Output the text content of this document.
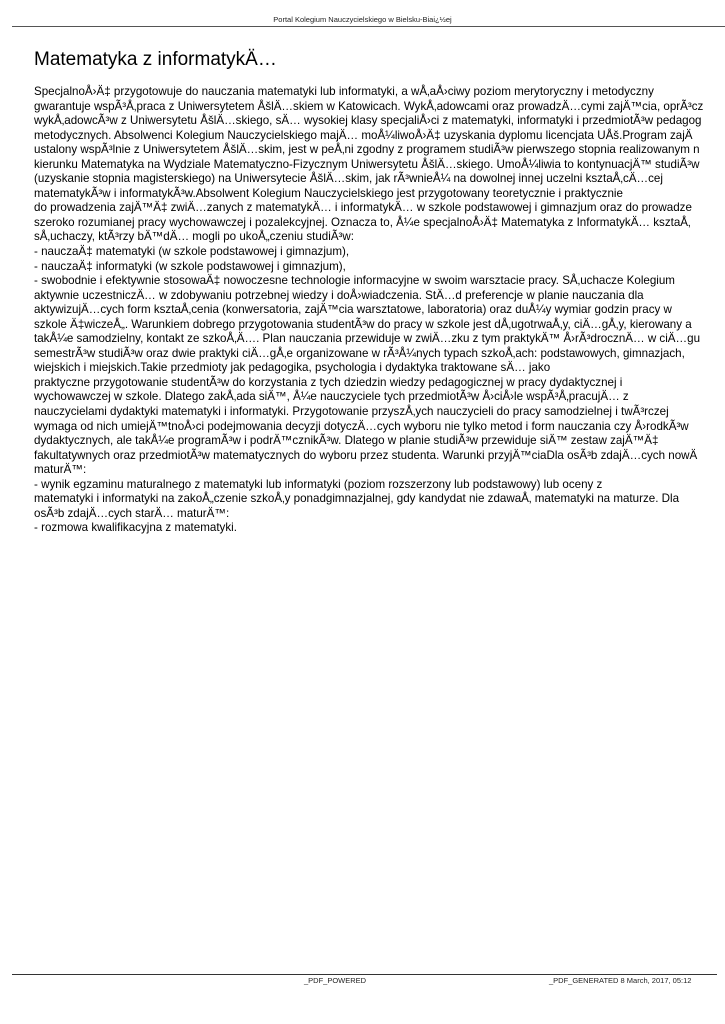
Portal Kolegium Nauczycielskiego w Bielsku-Biai¿½ej
Matematyka z informatykÄ…
SpecjalnoÅ›Ä‡ przygotowuje do nauczania matematyki lub informatyki, a wÅ‚aÅ›ciwy poziom merytoryczny i metodyczny
gwarantuje wspÃ³Å‚praca z Uniwersytetem ÅšlÄ…skiem w Katowicach. WykÅ‚adowcami oraz prowadzÄ…cymi zajÄ™cia, oprÃ³cz
wykÅ‚adowcÃ³w z Uniwersytetu ÅšlÄ…skiego, sÄ… wysokiej klasy specjaliÅ›ci z matematyki, informatyki i przedmiotÃ³w pedagog
metodycznych. Absolwenci Kolegium Nauczycielskiego majÄ… moÅ¼liwoÅ›Ä‡ uzyskania dyplomu licencjata UÅš.Program zajÄ
ustalony wspÃ³lnie z Uniwersytetem ÅšlÄ…skim, jest w peÅ‚ni zgodny z programem studiÃ³w pierwszego stopnia realizowanym n
kierunku Matematyka na Wydziale Matematyczno-Fizycznym Uniwersytetu ÅšlÄ…skiego. UmoÅ¼liwia to kontynuacjÄ™ studiÃ³w
(uzyskanie stopnia magisterskiego) na Uniwersytecie ÅšlÄ…skim, jak rÃ³wnieÅ¼ na dowolnej innej uczelni ksztaÅ‚cÄ…cej
matematykÃ³w i informatykÃ³w.Absolwent Kolegium Nauczycielskiego jest przygotowany teoretycznie i praktycznie
do prowadzenia zajÄ™Ä‡ zwiÄ…zanych z matematykÄ… i informatykÄ… w szkole podstawowej i gimnazjum oraz do prowadze
szeroko rozumianej pracy wychowawczej i pozalekcyjnej. Oznacza to, Å¼e specjalnoÅ›Ä‡ Matematyka z InformatykÄ… ksztaÅ‚
sÅ‚uchaczy, ktÃ³rzy bÄ™dÄ… mogli po ukoÅ„czeniu studiÃ³w:
- nauczaÄ‡ matematyki (w szkole podstawowej i gimnazjum),
- nauczaÄ‡ informatyki (w szkole podstawowej i gimnazjum),
- swobodnie i efektywnie stosowaÄ‡ nowoczesne technologie informacyjne w swoim warsztacie pracy. SÅ‚uchacze Kolegium
aktywnie uczestniczÄ… w zdobywaniu potrzebnej wiedzy i doÅ›wiadczenia. StÄ…d preferencje w planie nauczania dla
aktywizujÄ…cych form ksztaÅ‚cenia (konwersatoria, zajÄ™cia warsztatowe, laboratoria) oraz duÅ¼y wymiar godzin pracy w
szkole Ä‡wiczeÅ„. Warunkiem dobrego przygotowania studentÃ³w do pracy w szkole jest dÅ‚ugotrwaÅ‚y, ciÄ…gÅ‚y, kierowany a
takÅ¼e samodzielny, kontakt ze szkoÅ‚Ä…. Plan nauczania przewiduje w zwiÄ…zku z tym praktykÄ™ Å›rÃ³drocznÄ… w ciÄ…gu
semestrÃ³w studiÃ³w oraz dwie praktyki ciÄ…gÅ‚e organizowane w rÃ³Å¼nych typach szkoÅ‚ach: podstawowych, gimnazjach,
wiejskich i miejskich.Takie przedmioty jak pedagogika, psychologia i dydaktyka traktowane sÄ… jako
praktyczne przygotowanie studentÃ³w do korzystania z tych dziedzin wiedzy pedagogicznej w pracy dydaktycznej i
wychowawczej w szkole. Dlatego zakÅ‚ada siÄ™, Å¼e nauczyciele tych przedmiotÃ³w Å›ciÅ›le wspÃ³Å‚pracujÄ… z
nauczycielami dydaktyki matematyki i informatyki. Przygotowanie przyszÅ‚ych nauczycieli do pracy samodzielnej i twÃ³rczej
wymaga od nich umiejÄ™tnoÅ›ci podejmowania decyzji dotyczÄ…cych wyboru nie tylko metod i form nauczania czy Å›rodkÃ³w
dydaktycznych, ale takÅ¼e programÃ³w i podrÄ™cznikÃ³w. Dlatego w planie studiÃ³w przewiduje siÄ™ zestaw zajÄ™Ä‡
fakultatywnych oraz przedmiotÃ³w matematycznych do wyboru przez studenta. Warunki przyjÄ™ciaDla osÃ³b zdajÄ…cych nowÄ
maturÄ™:
- wynik egzaminu maturalnego z matematyki lub informatyki (poziom rozszerzony lub podstawowy) lub oceny z
matematyki i informatyki na zakoÅ„czenie szkoÅ‚y ponadgimnazjalnej, gdy kandydat nie zdawaÅ‚ matematyki na maturze. Dla
osÃ³b zdajÄ…cych starÄ… maturÄ™:
- rozmowa kwalifikacyjna z matematyki.
_PDF_POWERED	_PDF_GENERATED 8 March, 2017, 05:12
